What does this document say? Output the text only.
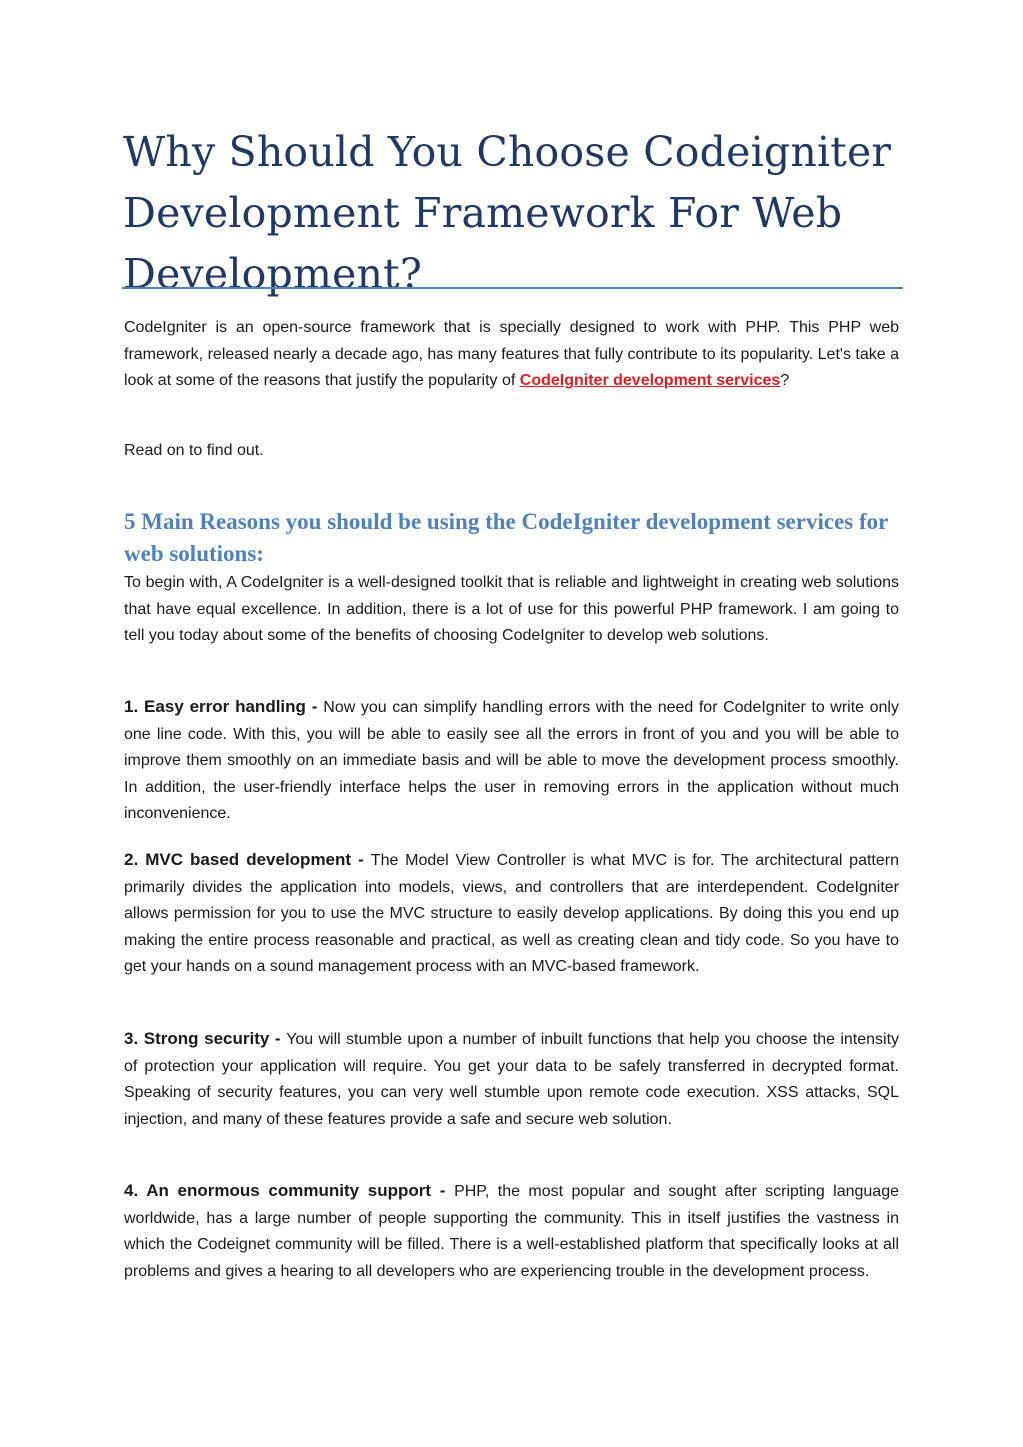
Why Should You Choose Codeigniter Development Framework For Web Development?

CodeIgniter is an open-source framework that is specially designed to work with PHP. This PHP web framework, released nearly a decade ago, has many features that fully contribute to its popularity. Let's take a look at some of the reasons that justify the popularity of CodeIgniter development services?

Read on to find out.

5 Main Reasons you should be using the CodeIgniter development services for web solutions:

To begin with, A CodeIgniter is a well-designed toolkit that is reliable and lightweight in creating web solutions that have equal excellence. In addition, there is a lot of use for this powerful PHP framework. I am going to tell you today about some of the benefits of choosing CodeIgniter to develop web solutions.

1. Easy error handling - Now you can simplify handling errors with the need for CodeIgniter to write only one line code. With this, you will be able to easily see all the errors in front of you and you will be able to improve them smoothly on an immediate basis and will be able to move the development process smoothly. In addition, the user-friendly interface helps the user in removing errors in the application without much inconvenience.

2. MVC based development - The Model View Controller is what MVC is for. The architectural pattern primarily divides the application into models, views, and controllers that are interdependent. CodeIgniter allows permission for you to use the MVC structure to easily develop applications. By doing this you end up making the entire process reasonable and practical, as well as creating clean and tidy code. So you have to get your hands on a sound management process with an MVC-based framework.

3. Strong security - You will stumble upon a number of inbuilt functions that help you choose the intensity of protection your application will require. You get your data to be safely transferred in decrypted format. Speaking of security features, you can very well stumble upon remote code execution. XSS attacks, SQL injection, and many of these features provide a safe and secure web solution.

4. An enormous community support - PHP, the most popular and sought after scripting language worldwide, has a large number of people supporting the community. This in itself justifies the vastness in which the Codeignet community will be filled. There is a well-established platform that specifically looks at all problems and gives a hearing to all developers who are experiencing trouble in the development process.
